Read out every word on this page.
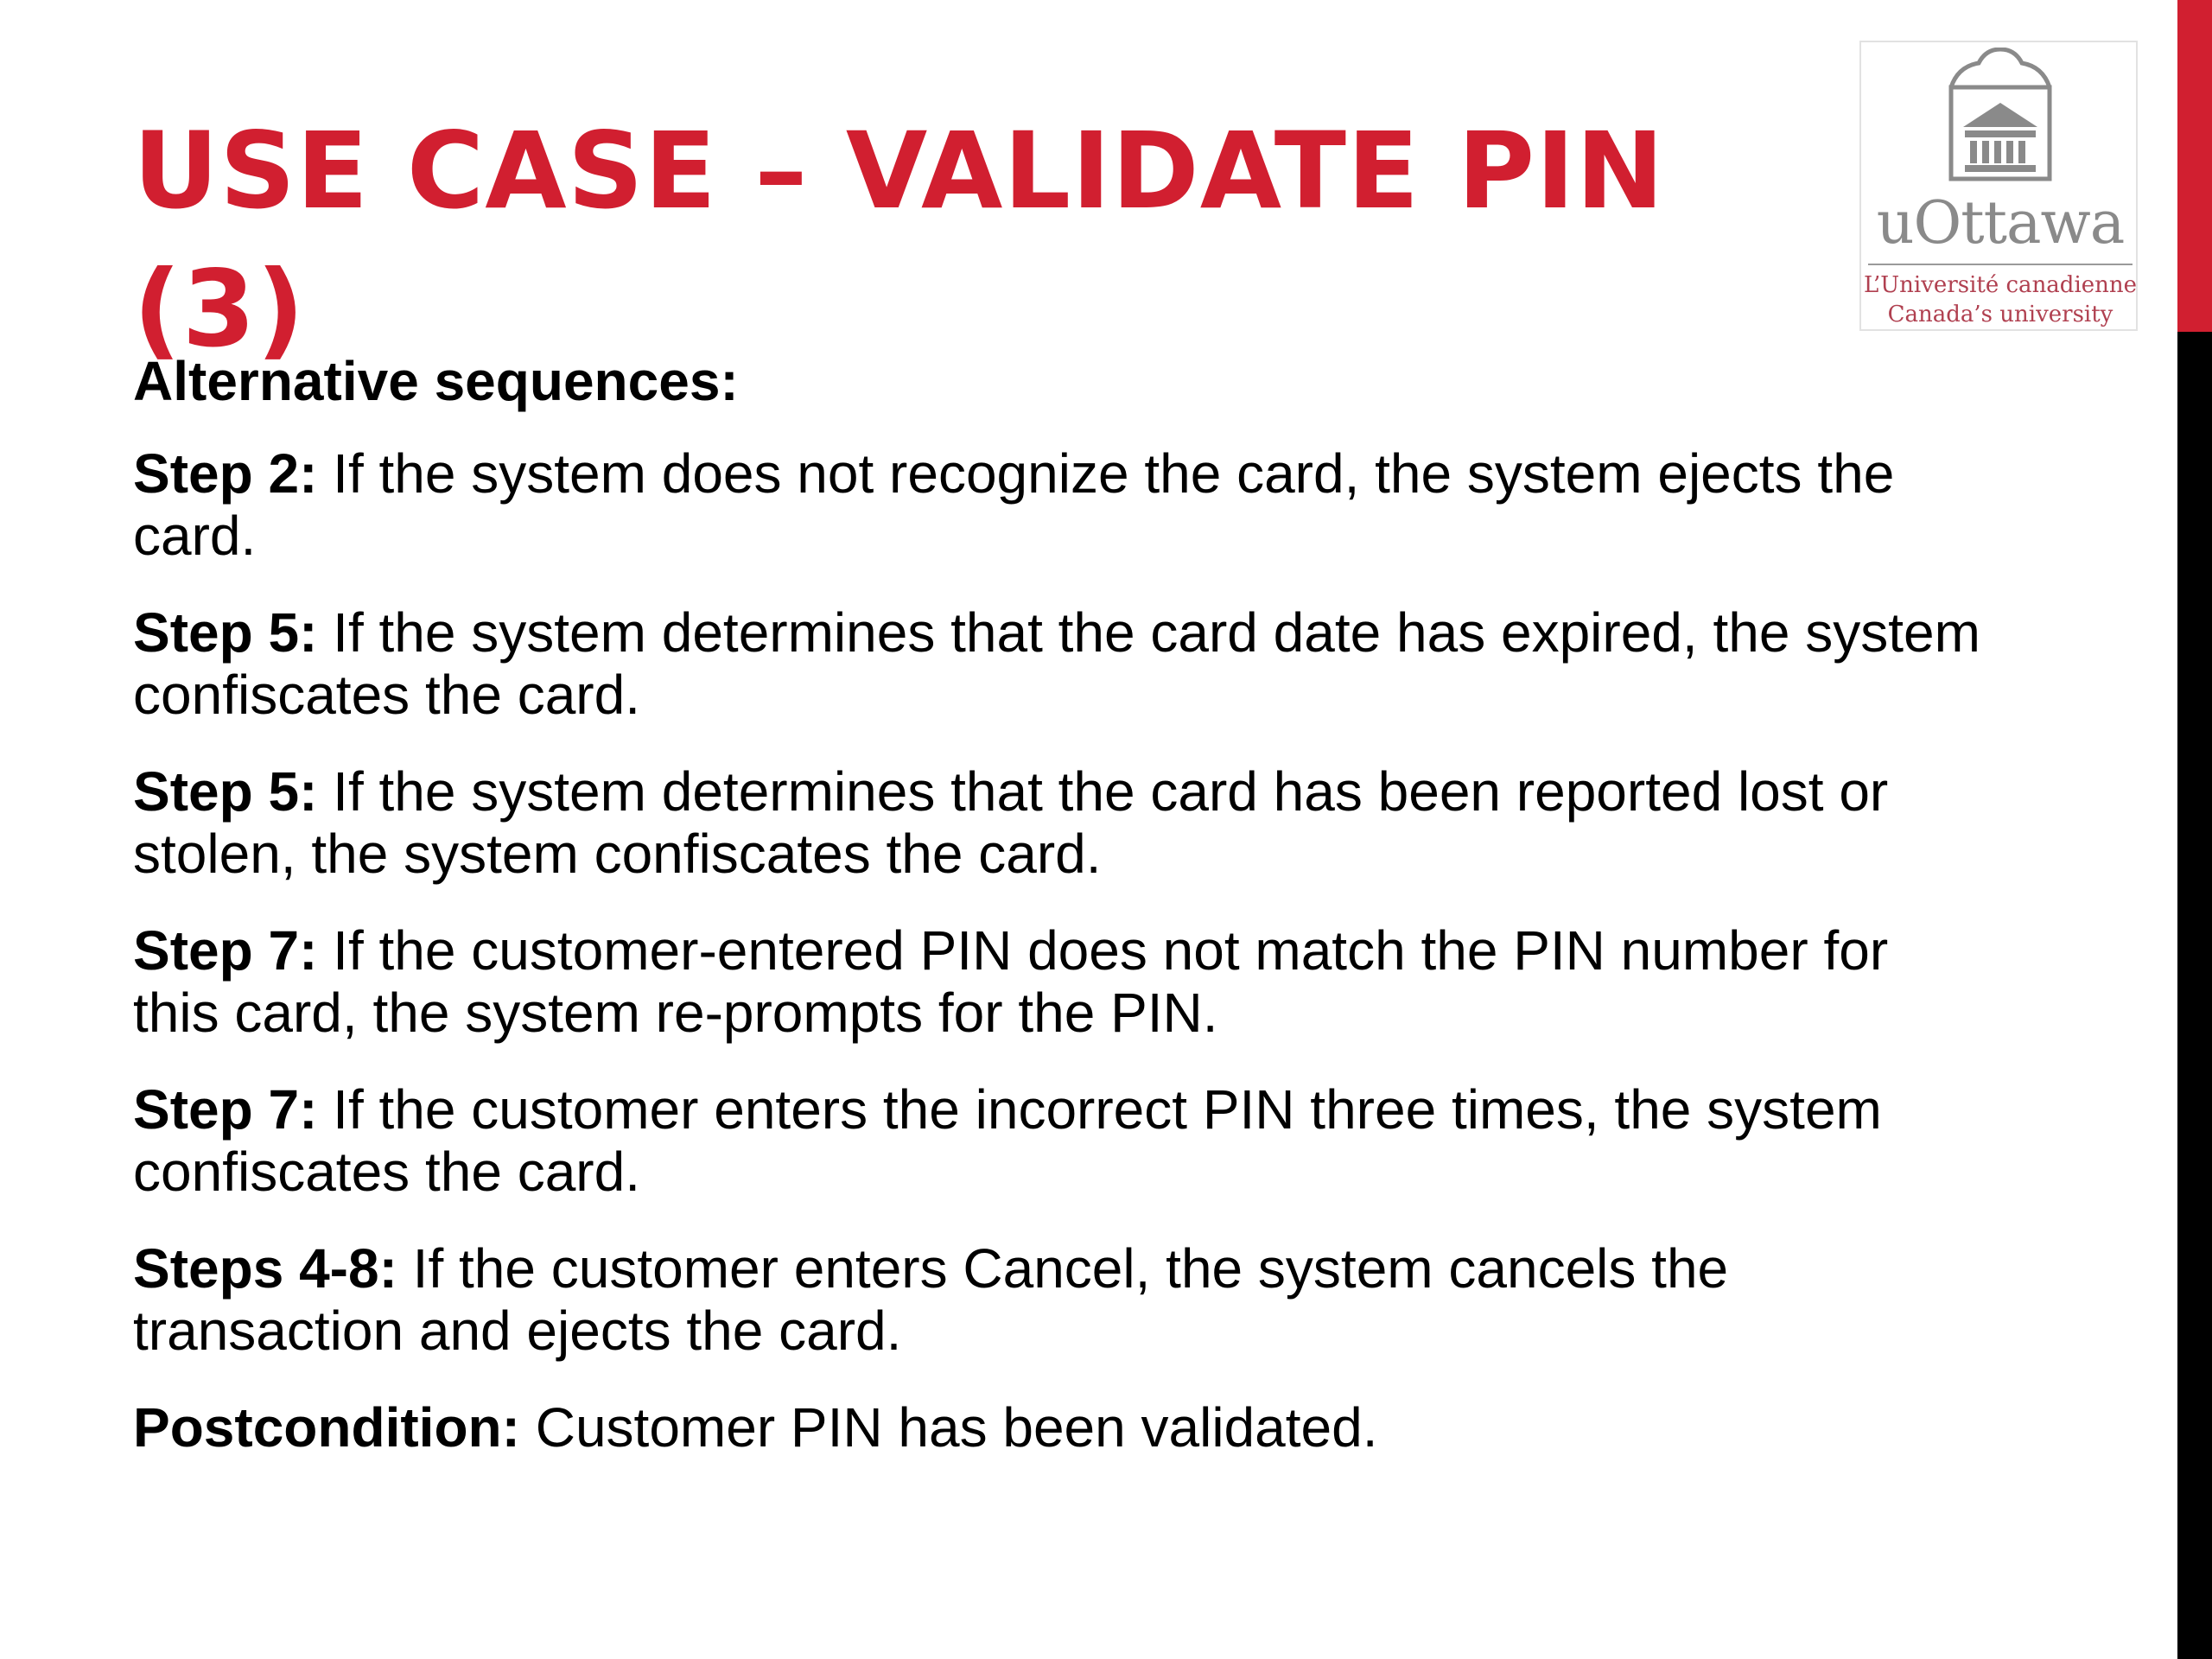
USE CASE – VALIDATE PIN (3)
uOttawa
L’Université canadienne
Canada’s university

Alternative sequences:

Step 2: If the system does not recognize the card, the system ejects the card.

Step 5: If the system determines that the card date has expired, the system confiscates the card.

Step 5: If the system determines that the card has been reported lost or stolen, the system confiscates the card.

Step 7: If the customer-entered PIN does not match the PIN number for this card, the system re-prompts for the PIN.

Step 7: If the customer enters the incorrect PIN three times, the system confiscates the card.

Steps 4-8: If the customer enters Cancel, the system cancels the transaction and ejects the card.

Postcondition: Customer PIN has been validated.
